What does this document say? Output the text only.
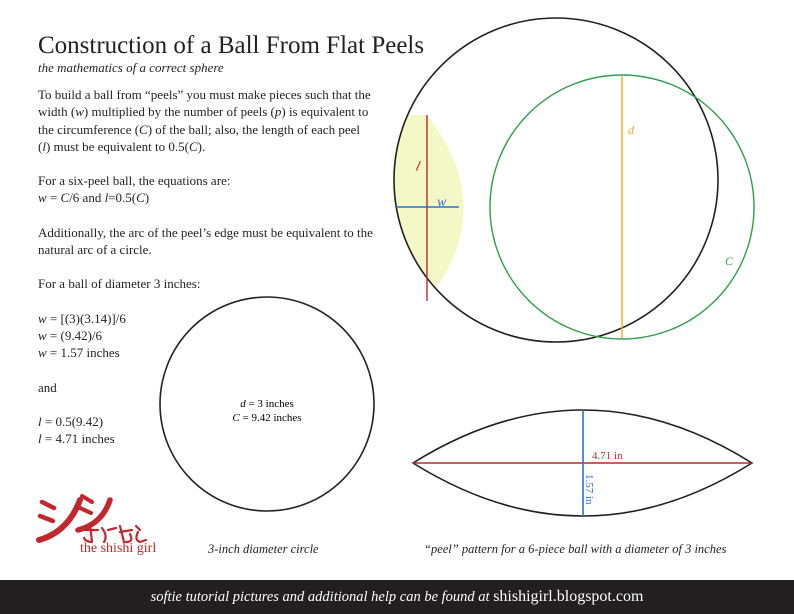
Construction of a Ball From Flat Peels
the mathematics of a correct sphere

To build a ball from “peels” you must make pieces such that the width (w) multiplied by the number of peels (p) is equivalent to the circumference (C) of the ball; also, the length of each peel (l) must be equivalent to 0.5(C).

For a six-peel ball, the equations are:
w = C/6 and l=0.5(C)

Additionally, the arc of the peel’s edge must be equivalent to the natural arc of a circle.

For a ball of diameter 3 inches:

w = [(3)(3.14)]/6
w = (9.42)/6
w = 1.57 inches

and

l = 0.5(9.42)
l = 4.71 inches

d = 3 inches
C = 9.42 inches
d
l
w
C
4.71 in
1.57 in
the shishi girl	3-inch diameter circle	“peel” pattern for a 6-piece ball with a diameter of 3 inches
softie tutorial pictures and additional help can be found at shishigirl.blogspot.com
